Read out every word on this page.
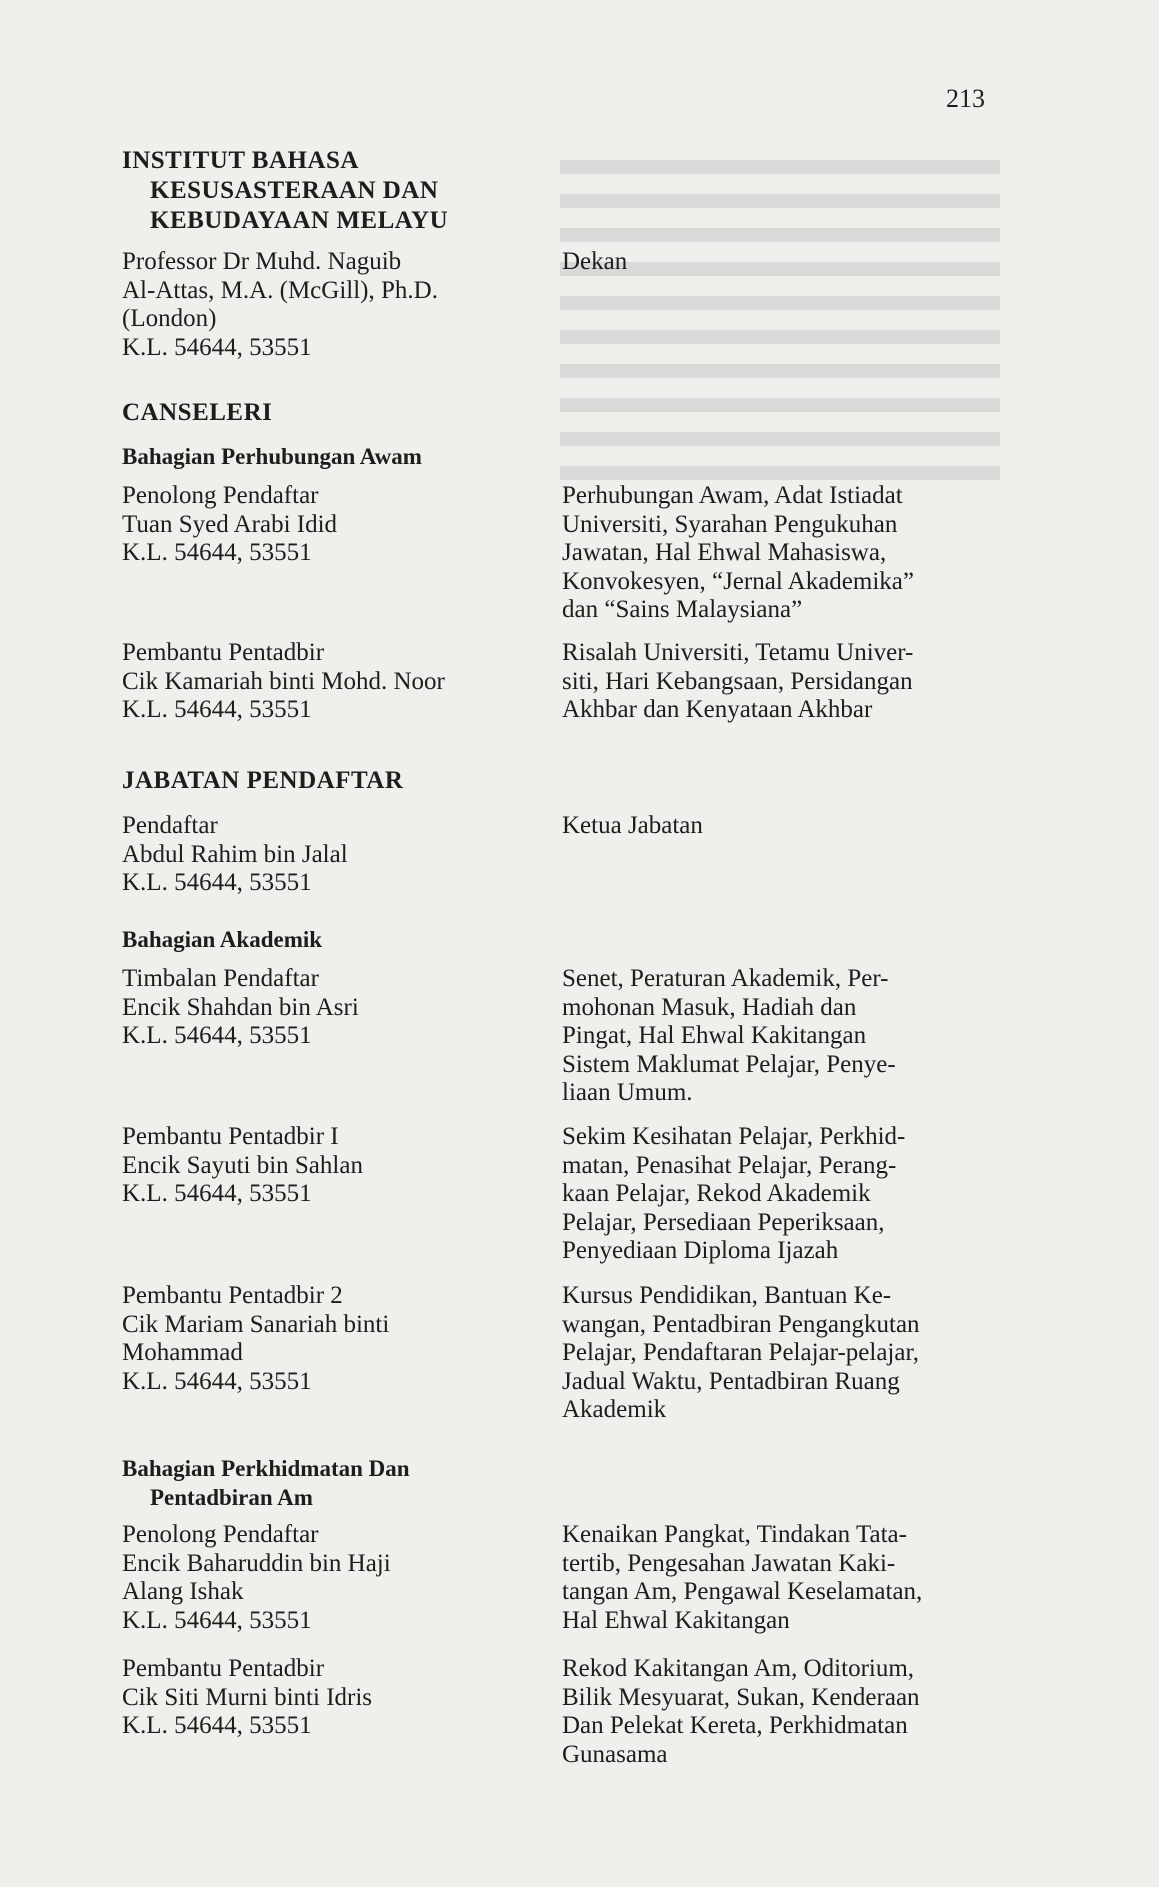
213
INSTITUT BAHASA
KESUSASTERAAN DAN
KEBUDAYAAN MELAYU
Professor Dr Muhd. Naguib
Al-Attas, M.A. (McGill), Ph.D.
(London)
K.L. 54644, 53551
Dekan
CANSELERI
Bahagian Perhubungan Awam
Penolong Pendaftar
Tuan Syed Arabi Idid
K.L. 54644, 53551
Perhubungan Awam, Adat Istiadat
Universiti, Syarahan Pengukuhan
Jawatan, Hal Ehwal Mahasiswa,
Konvokesyen, “Jernal Akademika”
dan “Sains Malaysiana”
Pembantu Pentadbir
Cik Kamariah binti Mohd. Noor
K.L. 54644, 53551
Risalah Universiti, Tetamu Univer-
siti, Hari Kebangsaan, Persidangan
Akhbar dan Kenyataan Akhbar
JABATAN PENDAFTAR
Pendaftar
Abdul Rahim bin Jalal
K.L. 54644, 53551
Ketua Jabatan
Bahagian Akademik
Timbalan Pendaftar
Encik Shahdan bin Asri
K.L. 54644, 53551
Senet, Peraturan Akademik, Per-
mohonan Masuk, Hadiah dan
Pingat, Hal Ehwal Kakitangan
Sistem Maklumat Pelajar, Penye-
liaan Umum.
Pembantu Pentadbir I
Encik Sayuti bin Sahlan
K.L. 54644, 53551
Sekim Kesihatan Pelajar, Perkhid-
matan, Penasihat Pelajar, Perang-
kaan Pelajar, Rekod Akademik
Pelajar, Persediaan Peperiksaan,
Penyediaan Diploma Ijazah
Pembantu Pentadbir 2
Cik Mariam Sanariah binti
Mohammad
K.L. 54644, 53551
Kursus Pendidikan, Bantuan Ke-
wangan, Pentadbiran Pengangkutan
Pelajar, Pendaftaran Pelajar-pelajar,
Jadual Waktu, Pentadbiran Ruang
Akademik
Bahagian Perkhidmatan Dan
Pentadbiran Am
Penolong Pendaftar
Encik Baharuddin bin Haji
Alang Ishak
K.L. 54644, 53551
Kenaikan Pangkat, Tindakan Tata-
tertib, Pengesahan Jawatan Kaki-
tangan Am, Pengawal Keselamatan,
Hal Ehwal Kakitangan
Pembantu Pentadbir
Cik Siti Murni binti Idris
K.L. 54644, 53551
Rekod Kakitangan Am, Oditorium,
Bilik Mesyuarat, Sukan, Kenderaan
Dan Pelekat Kereta, Perkhidmatan
Gunasama
